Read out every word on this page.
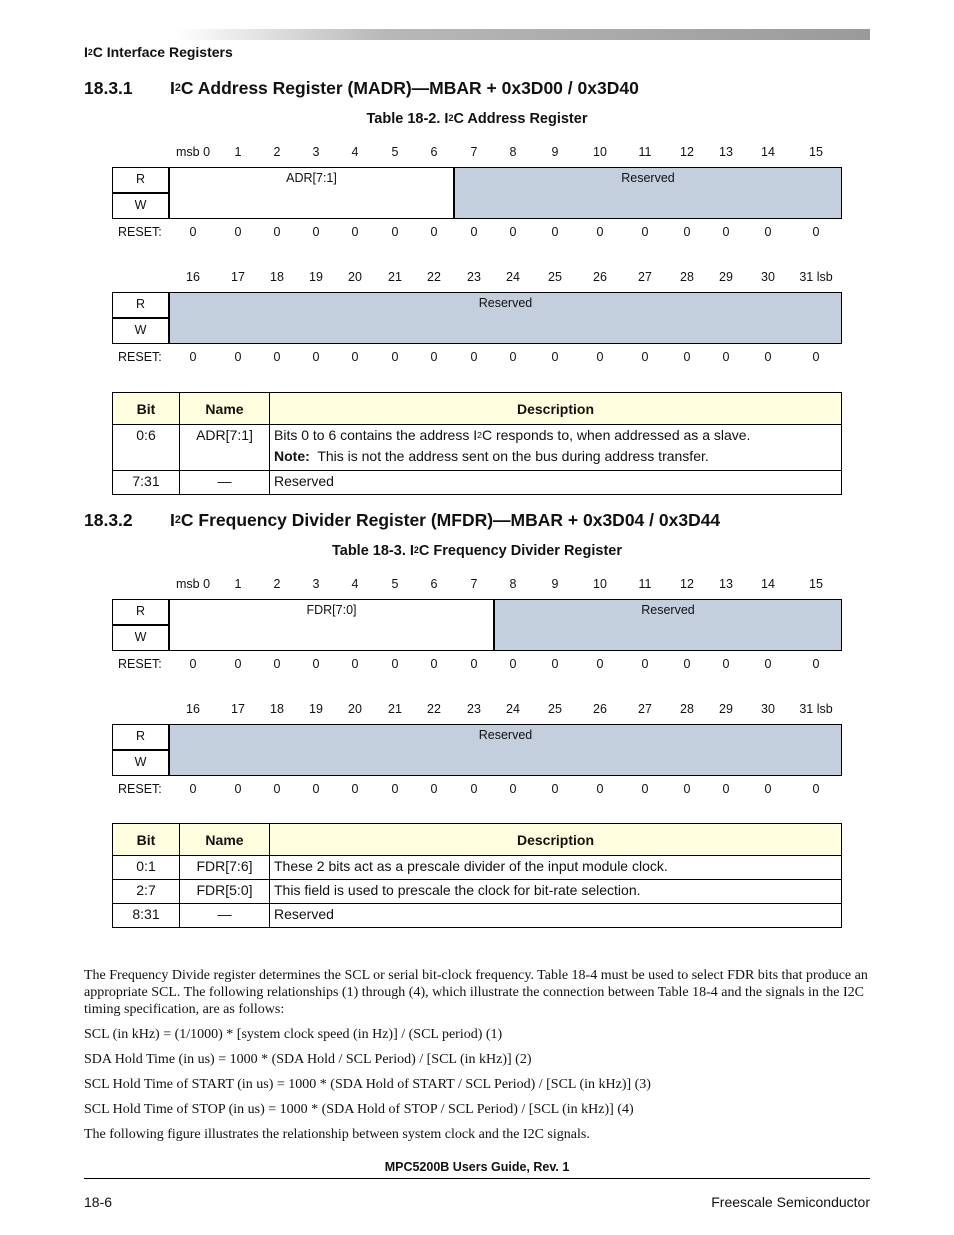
$I^2C$ Interface Registers
18.3.1 $I^2C$ Address Register (MADR)—MBAR + 0x3D00 / 0x3D40
Table 18-2. $I^2C$ Address Register
msb 0 1	2	3	4	5	6	7	8	9	10	11 12 13 14	15
R
W
ADR[7:1]	Reserved
RESET: 0	0	0	0	0	0	0	0	0	0	0	0	0	0	0	0
16 17 18 19 20 21 22 23 24 25 26 27 28 29 30 31 lsb
R
W
Reserved
RESET: 0	0	0	0	0	0	0	0	0	0	0	0	0	0	0	0
Bit	Name	Description
0:6	ADR[7:1]	Bits 0 to 6 contains the address $I^2C$ responds to, when addressed as a slave.
Note: This is not the address sent on the bus during address transfer.

7:31	—	Reserved
18.3.2 $I^2C$ Frequency Divider Register (MFDR)—MBAR + 0x3D04 / 0x3D44
Table 18-3. $I^2C$ Frequency Divider Register
msb 0 1	2	3	4	5	6	7	8	9	10	11 12 13 14	15
R
W
FDR[7:0]	Reserved
RESET: 0	0	0	0	0	0	0	0	0	0	0	0	0	0	0	0
16 17 18 19 20 21 22 23 24 25 26 27 28 29 30 31 lsb
R
W
Reserved
RESET: 0	0	0	0	0	0	0	0	0	0	0	0	0	0	0	0
Bit	Name	Description
0:1	FDR[7:6]	These 2 bits act as a prescale divider of the input module clock.
2:7	FDR[5:0]	This field is used to prescale the clock for bit-rate selection.
8:31	—	Reserved
The Frequency Divide register determines the SCL or serial bit-clock frequency. Table 18-4 must be used to select FDR bits that produce an appropriate SCL. The following relationships (1) through (4), which illustrate the connection between Table 18-4 and the signals in the I2C timing specification, are as follows:
SCL (in kHz) = (1/1000) * [system clock speed (in Hz)] / (SCL period) (1)
SDA Hold Time (in us) = 1000 * (SDA Hold / SCL Period) / [SCL (in kHz)] (2)
SCL Hold Time of START (in us) = 1000 * (SDA Hold of START / SCL Period) / [SCL (in kHz)] (3)
SCL Hold Time of STOP (in us) = 1000 * (SDA Hold of STOP / SCL Period) / [SCL (in kHz)] (4)
The following figure illustrates the relationship between system clock and the I2C signals.
MPC5200B Users Guide, Rev. 1
18-6	Freescale Semiconductor
